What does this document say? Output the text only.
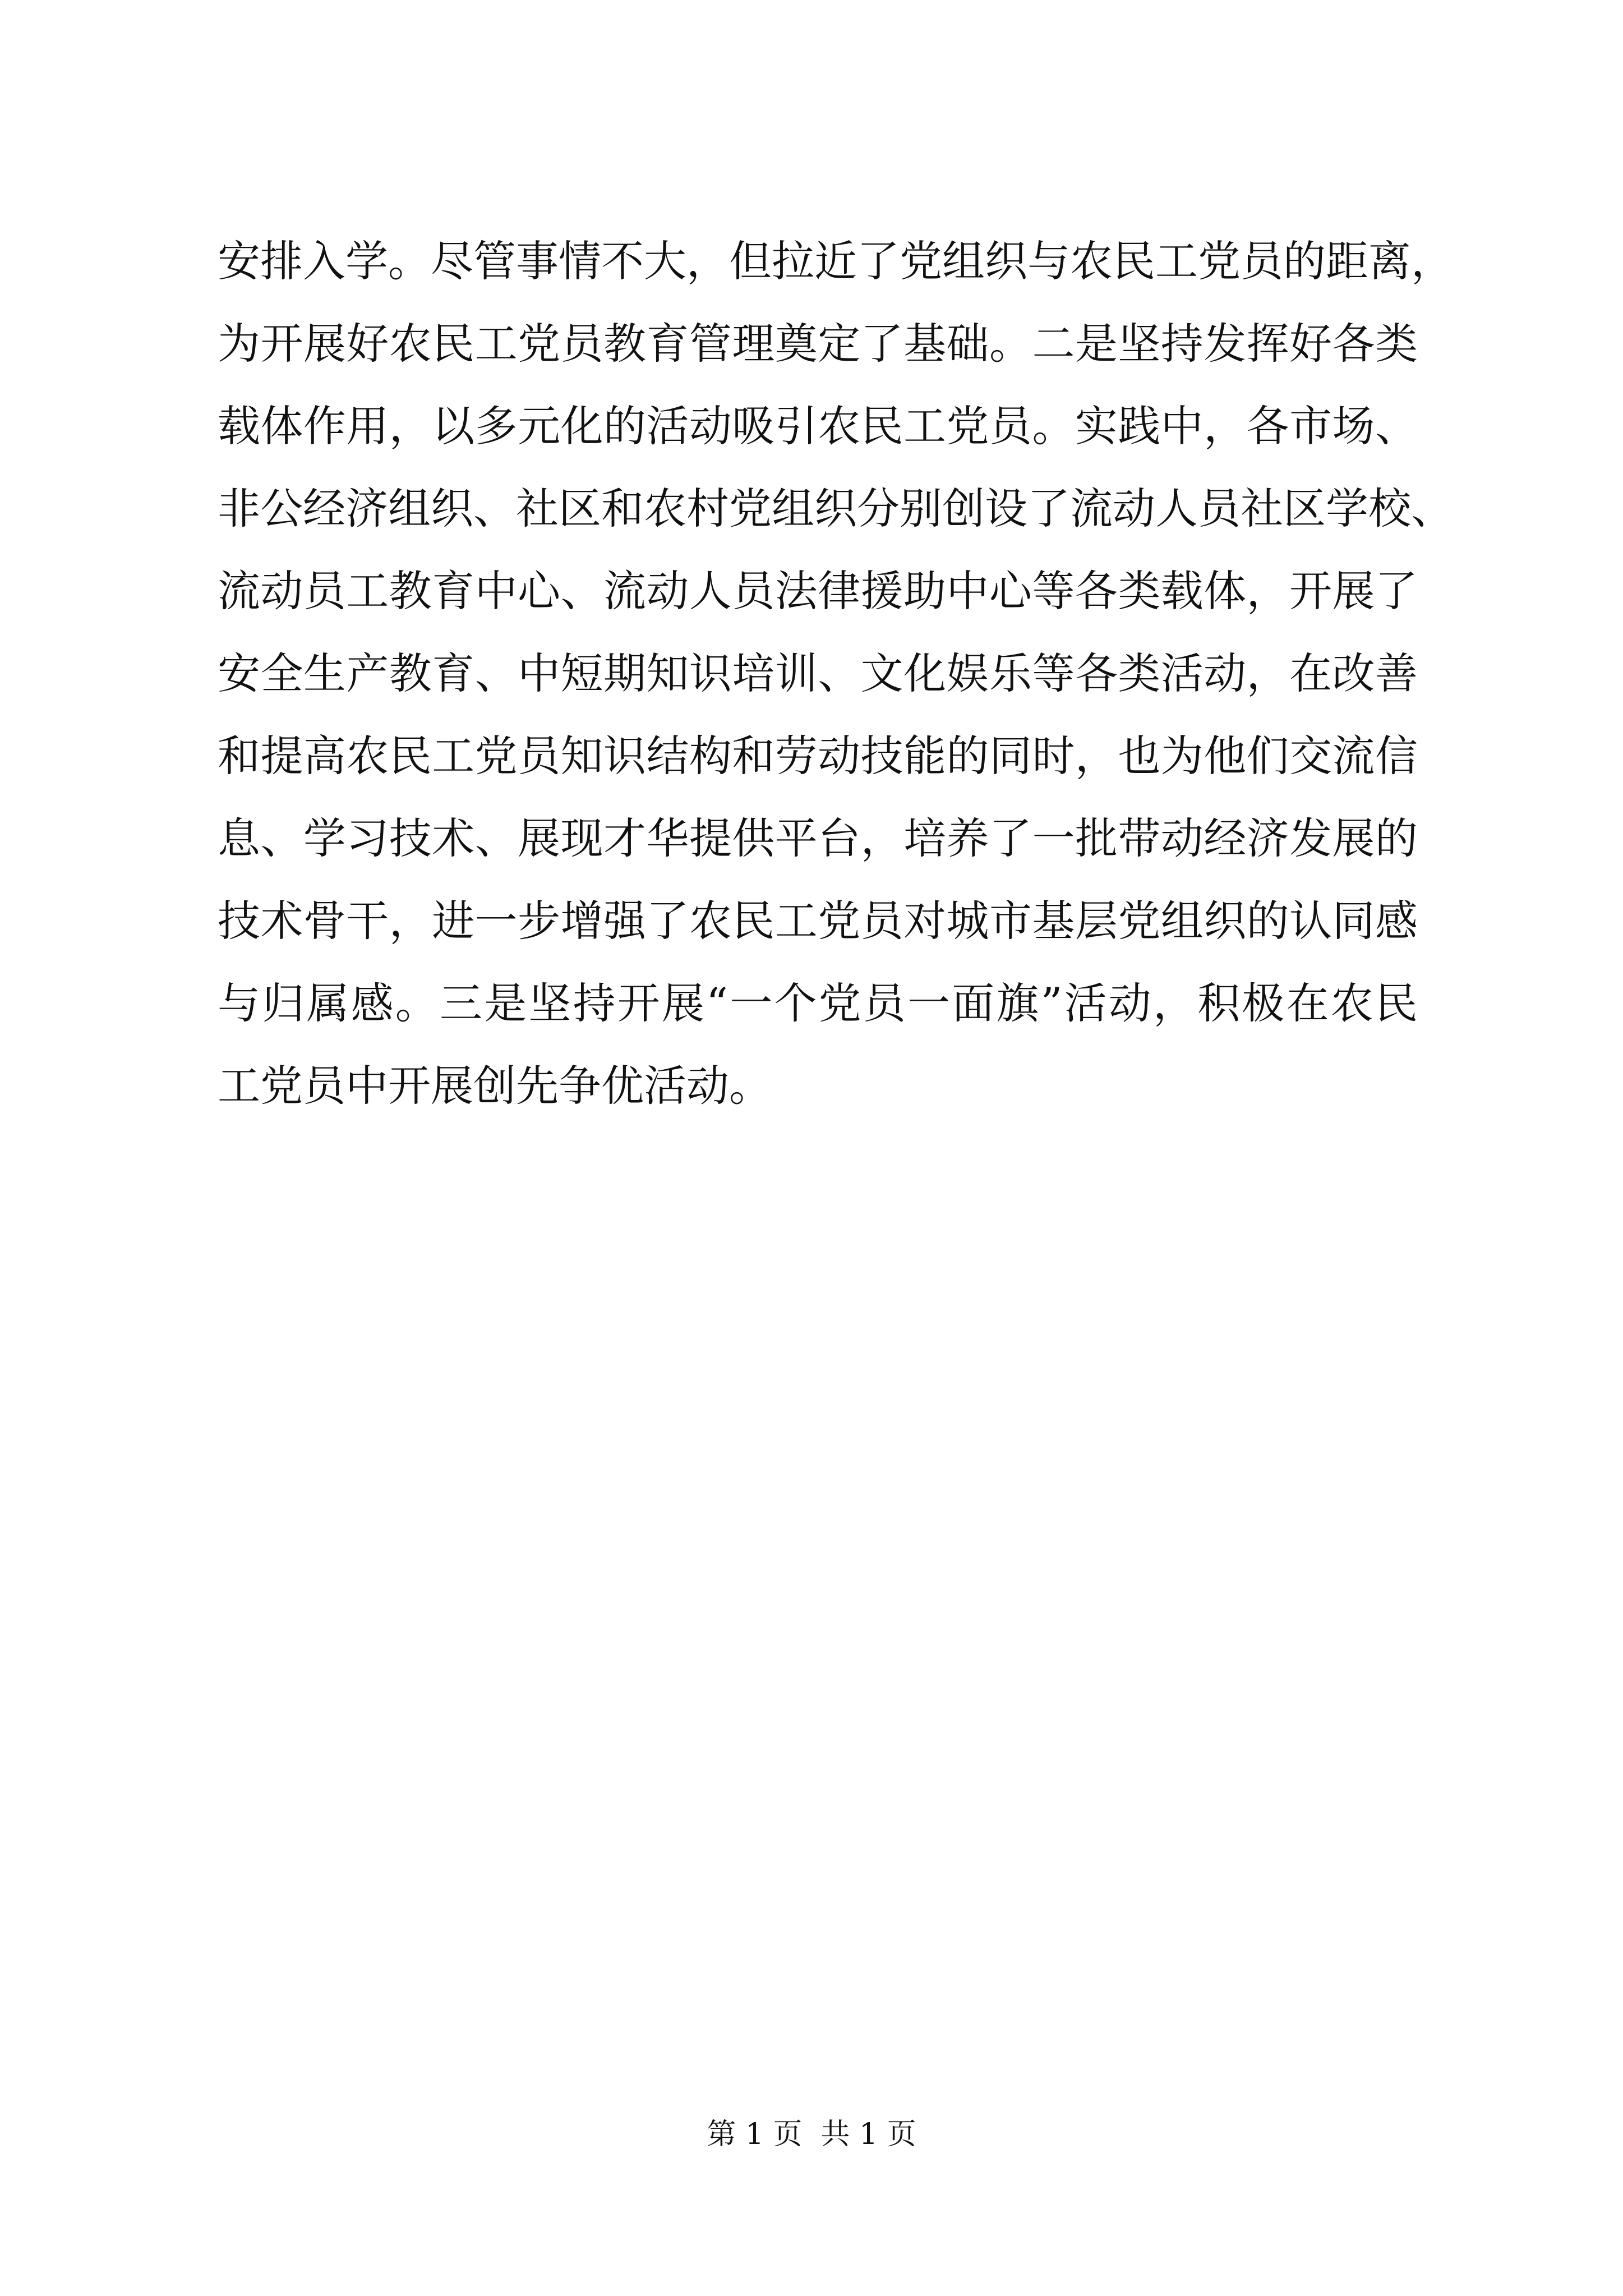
安排入学。尽管事情不大，但拉近了党组织与农民工党员的距离，
为开展好农民工党员教育管理奠定了基础。二是坚持发挥好各类
载体作用，以多元化的活动吸引农民工党员。实践中，各市场、
非公经济组织、社区和农村党组织分别创设了流动人员社区学校、
流动员工教育中心、流动人员法律援助中心等各类载体，开展了
安全生产教育、中短期知识培训、文化娱乐等各类活动，在改善
和提高农民工党员知识结构和劳动技能的同时，也为他们交流信
息、学习技术、展现才华提供平台，培养了一批带动经济发展的
技术骨干，进一步增强了农民工党员对城市基层党组织的认同感
与归属感。三是坚持开展“一个党员一面旗”活动，积极在农民
工党员中开展创先争优活动。
第 1 页  共 1 页
